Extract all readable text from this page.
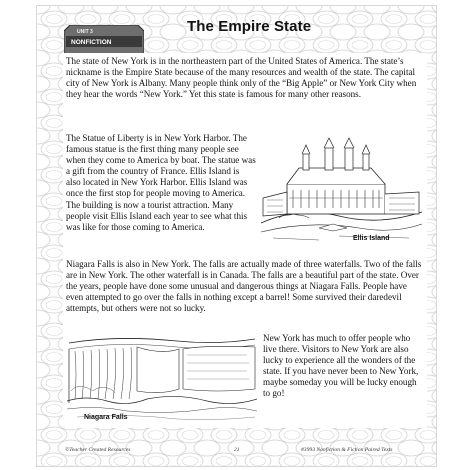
UNIT 3
NONFICTION
The Empire State

The state of New York is in the northeastern part of the United States of America. The state’s nickname is the Empire State because of the many resources and wealth of the state. The capital city of New York is Albany. Many people think only of the “Big Apple” or New York City when they hear the words “New York.” Yet this state is famous for many other reasons.

The Statue of Liberty is in New York Harbor. The famous statue is the first thing many people see when they come to America by boat. The statue was a gift from the country of France. Ellis Island is also located in New York Harbor. Ellis Island was once the first stop for people moving to America. The building is now a tourist attraction. Many people visit Ellis Island each year to see what this was like for those coming to America.

Ellis Island

Niagara Falls is also in New York. The falls are actually made of three waterfalls. Two of the falls are in New York. The other waterfall is in Canada. The falls are a beautiful part of the state. Over the years, people have done some unusual and dangerous things at Niagara Falls. People have even attempted to go over the falls in nothing except a barrel! Some survived their daredevil attempts, but others were not so lucky.

Niagara Falls

New York has much to offer people who live there. Visitors to New York are also lucky to experience all the wonders of the state. If you have never been to New York, maybe someday you will be lucky enough to go!

©Teacher Created Resources	21	#3993 Nonfiction & Fiction Paired Texts
